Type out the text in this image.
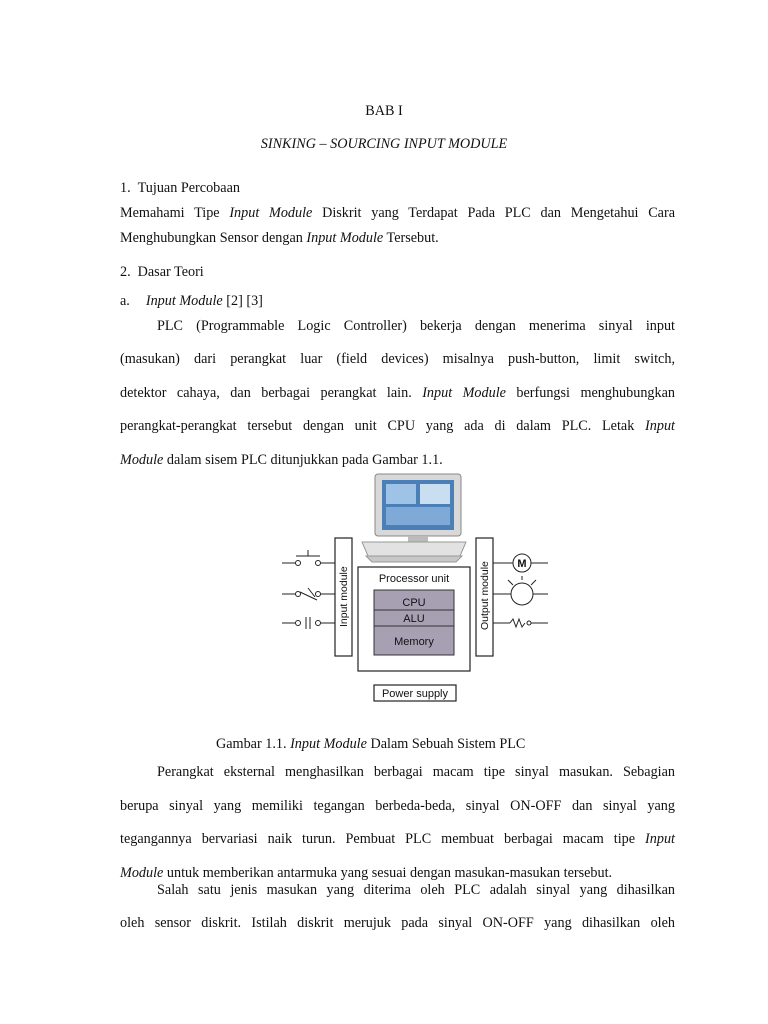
BAB I
SINKING – SOURCING INPUT MODULE
1. Tujuan Percobaan
Memahami Tipe Input Module Diskrit yang Terdapat Pada PLC dan Mengetahui Cara
Menghubungkan Sensor dengan Input Module Tersebut.
2. Dasar Teori
a. Input Module [2] [3]
PLC (Programmable Logic Controller) bekerja dengan menerima sinyal input
(masukan) dari perangkat luar (field devices) misalnya push-button, limit switch,
detektor cahaya, dan berbagai perangkat lain. Input Module berfungsi menghubungkan
perangkat-perangkat tersebut dengan unit CPU yang ada di dalam PLC. Letak Input
Module dalam sisem PLC ditunjukkan pada Gambar 1.1.
Input module	Processor unit
CPU
ALU
Memory
Output module
Power supply
M
Gambar 1.1. Input Module Dalam Sebuah Sistem PLC
Perangkat eksternal menghasilkan berbagai macam tipe sinyal masukan. Sebagian
berupa sinyal yang memiliki tegangan berbeda-beda, sinyal ON-OFF dan sinyal yang
tegangannya bervariasi naik turun. Pembuat PLC membuat berbagai macam tipe Input
Module untuk memberikan antarmuka yang sesuai dengan masukan-masukan tersebut.
Salah satu jenis masukan yang diterima oleh PLC adalah sinyal yang dihasilkan
oleh sensor diskrit. Istilah diskrit merujuk pada sinyal ON-OFF yang dihasilkan oleh
